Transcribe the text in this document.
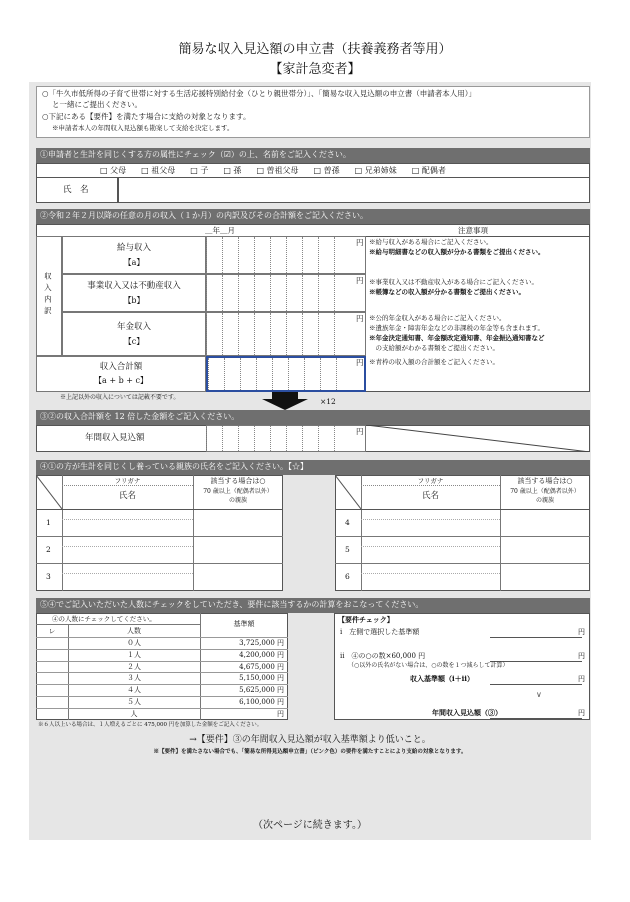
簡易な収入見込額の申立書（扶養義務者等用）
【家計急変者】
○「牛久市低所得の子育て世帯に対する生活応援特別給付金（ひとり親世帯分）」、「簡易な収入見込額の申立書（申請者本人用）」
と一緒にご提出ください。
○下記にある【要件】を満たす場合に支給の対象となります。
※申請者本人の年間収入見込額も勘案して支給を決定します。
①申請者と生計を同じくする方の属性にチェック（☑）の上、名前をご記入ください。
□ 父母 □ 祖父母 □ 子 □ 孫 □ 曽祖父母 □ 曽孫 □ 兄弟姉妹 □ 配偶者
氏　名
②令和２年２月以降の任意の月の収入（１か月）の内訳及びその合計額をご記入ください。
＿年＿月	注意事項
収入内訳
給与収入
【a】
円 ※給与収入がある場合にご記入ください。
※給与明細書などの収入額が分かる書類をご提出ください。
事業収入又は不動産収入
【b】
円 ※事業収入又は不動産収入がある場合にご記入ください。
※帳簿などの収入額が分かる書類をご提出ください。
年金収入
【c】
円 ※公的年金収入がある場合にご記入ください。
※遺族年金・障害年金などの非課税の年金等も含まれます。
※年金決定通知書、年金額改定通知書、年金振込通知書など
　の支給額がわかる書類をご提出ください。
収入合計額
【a + b + c】
円 ※青枠の収入額の合計額をご記入ください。
※上記以外の収入については記載不要です。	×12
③②の収入合計額を 12 倍した金額をご記入ください。
年間収入見込額
円
④①の方が生計を同じくし養っている親族の氏名をご記入ください。【☆】
フリガナ
氏名
該当する場合は○
70 歳以上（配偶者以外）
の親族
1
2
3
フリガナ
氏名
該当する場合は○
70 歳以上（配偶者以外）
の親族
4
5
6
⑤④でご記入いただいた人数にチェックをしていただき、要件に該当するかの計算をおこなってください。
④の人数にチェックしてください。
基準額
レ	人数
０人	3,725,000 円
１人	4,200,000 円
２人	4,675,000 円
３人	5,150,000 円
４人	5,625,000 円
５人	6,100,000 円
人	円
※６人以上いる場合は、１人増えるごとに 475,000 円を加算した金額をご記入ください。
【要件チェック】
ⅰ　左側で選択した基準額	円
ⅱ　④の○の数×60,000 円	円
（○以外の氏名がない場合は、○の数を１つ減らして計算）
収入基準額（ⅰ＋ⅱ）	円
∨
年間収入見込額（③）	円
→【要件】③の年間収入見込額が収入基準額より低いこと。
※【要件】を満たさない場合でも、「簡易な所得見込額申立書」（ピンク色）の要件を満たすことにより支給の対象となります。
（次ページに続きます。）
